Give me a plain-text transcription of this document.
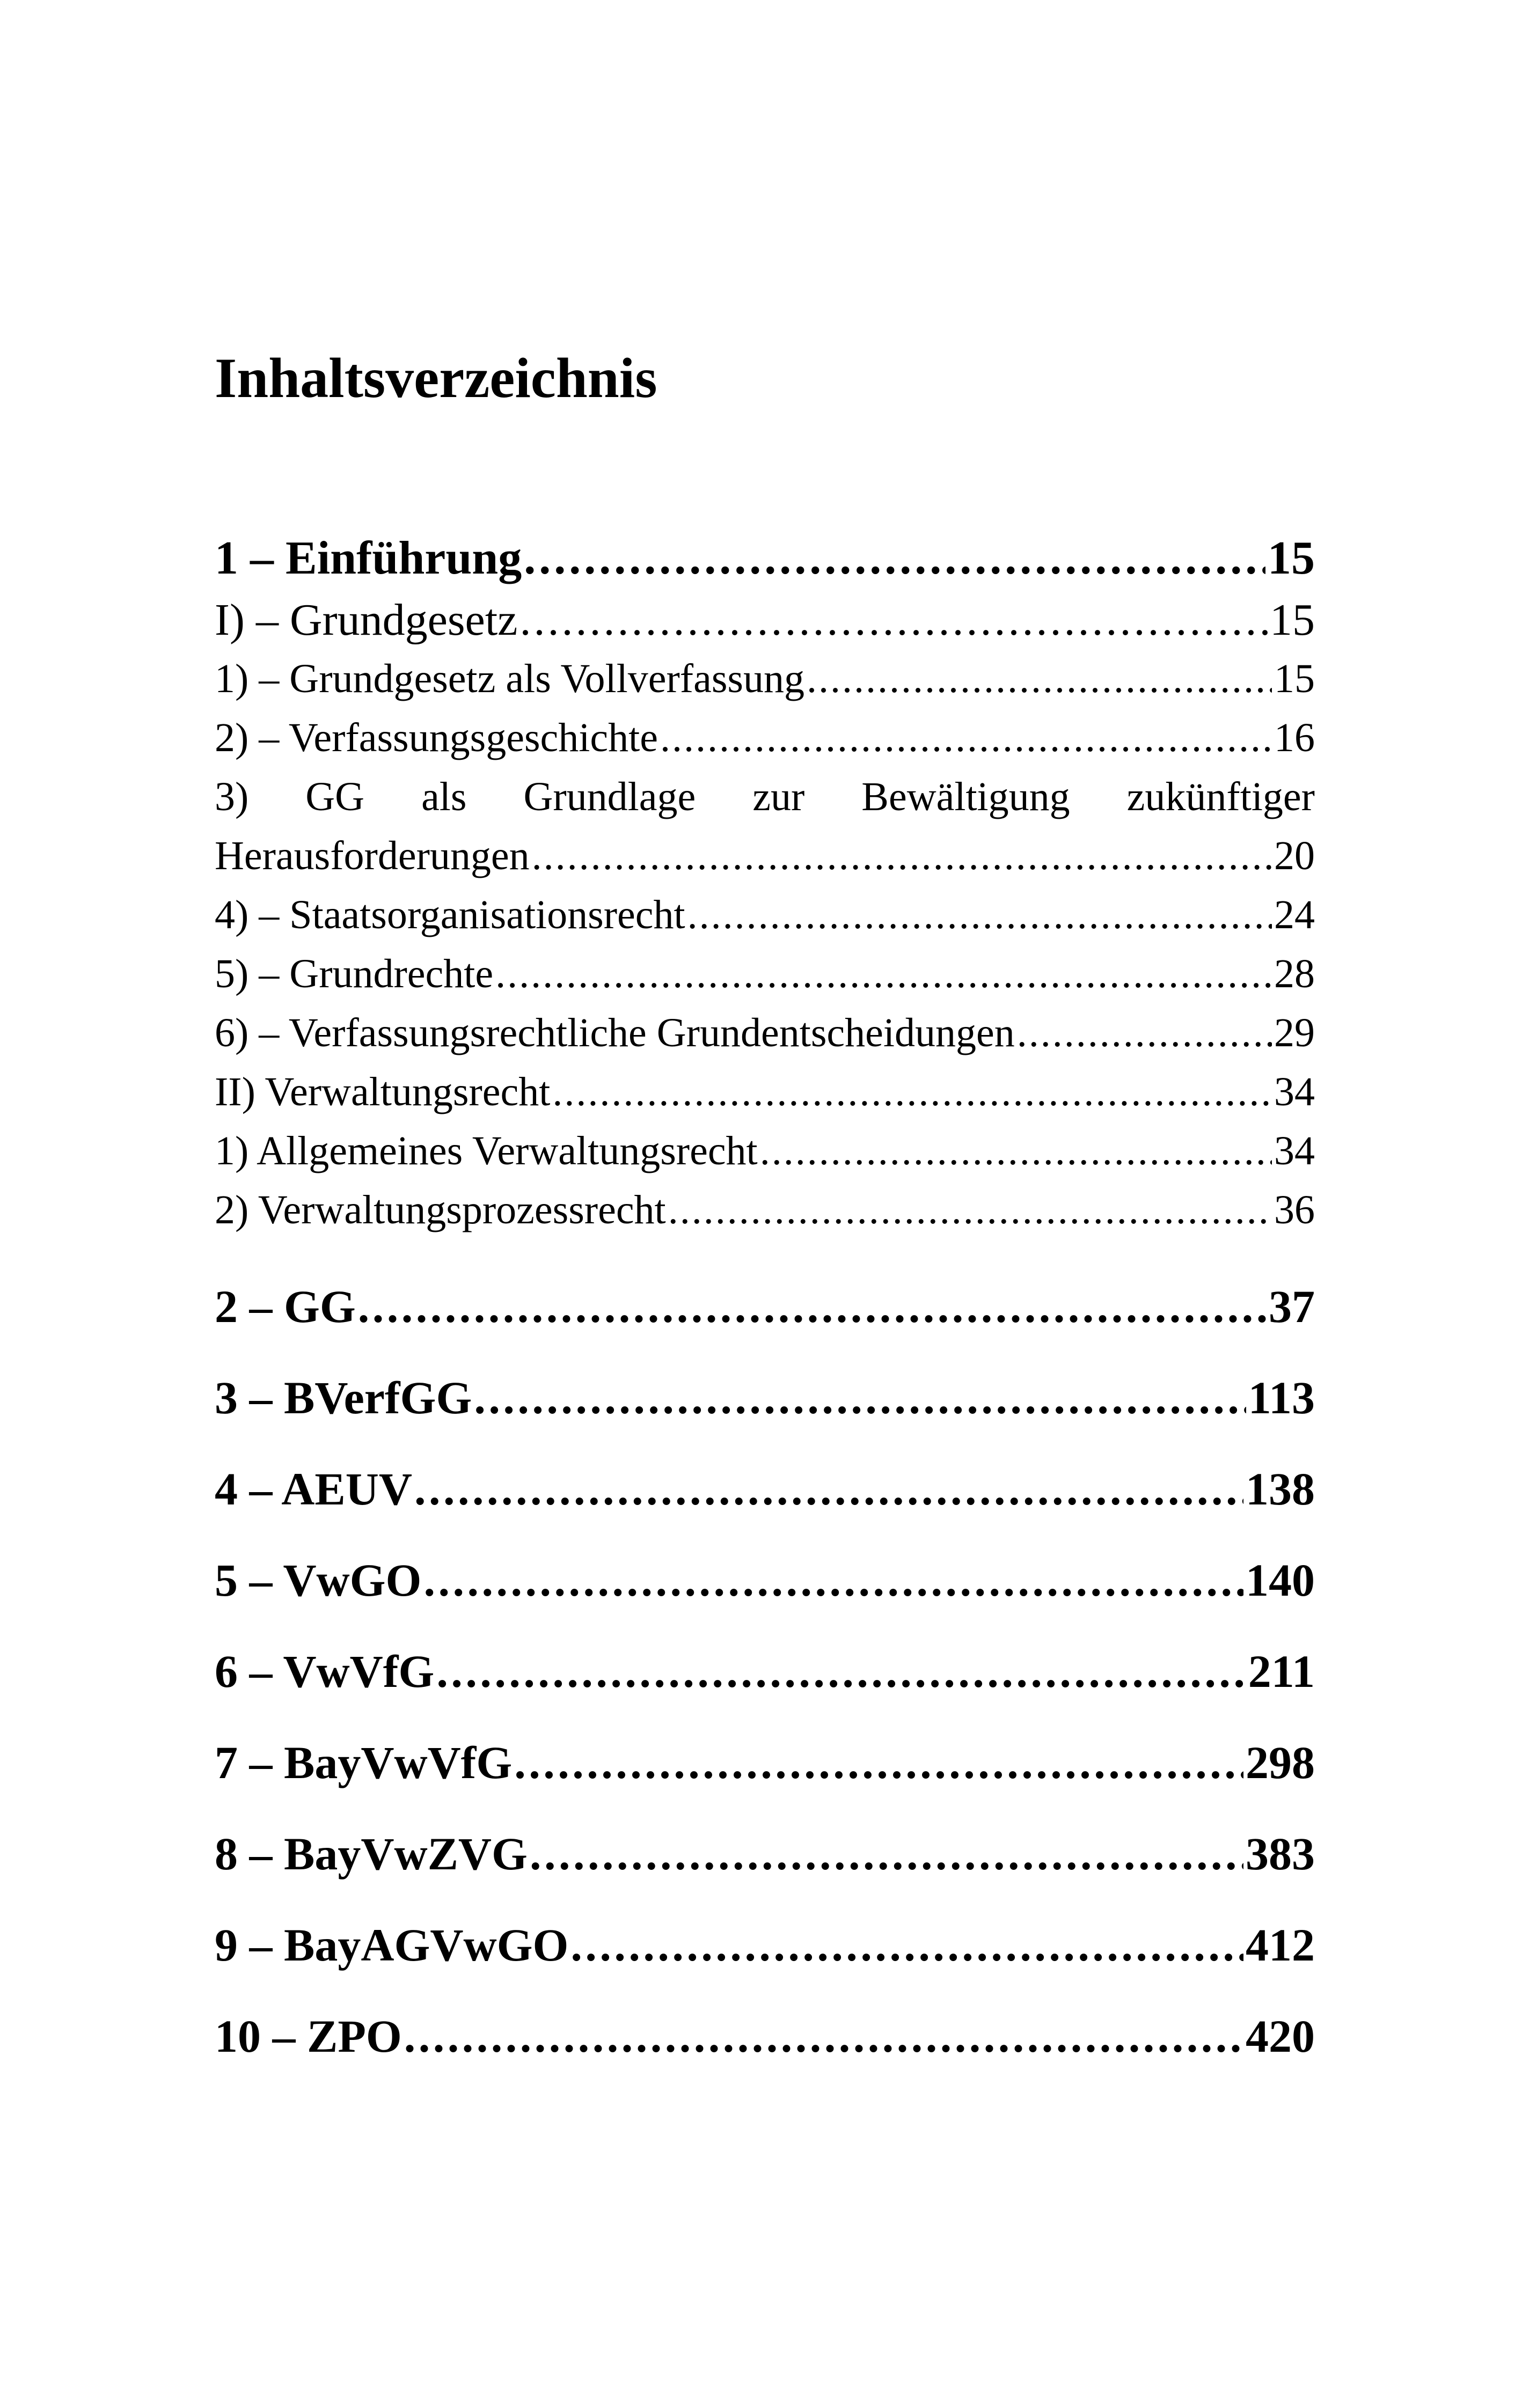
Inhaltsverzeichnis
1 – Einführung . . .	15
I) – Grundgesetz . . .	15
1) – Grundgesetz als Vollverfassung . . .	15
2) – Verfassungsgeschichte . . .	16
3) GG als Grundlage zur Bewältigung zukünftiger
Herausforderungen . . .	20
4) – Staatsorganisationsrecht . . .	24
5) – Grundrechte . . .	28
6) – Verfassungsrechtliche Grundentscheidungen . . .	29
II) Verwaltungsrecht . . .	34
1) Allgemeines Verwaltungsrecht . . .	34
2) Verwaltungsprozessrecht . . .	36
2 – GG . . .	37
3 – BVerfGG . . .	113
4 – AEUV . . .	138
5 – VwGO . . .	140
6 – VwVfG . . .	211
7 – BayVwVfG . . .	298
8 – BayVwZVG . . .	383
9 – BayAGVwGO . . .	412
10 – ZPO . . .	420
